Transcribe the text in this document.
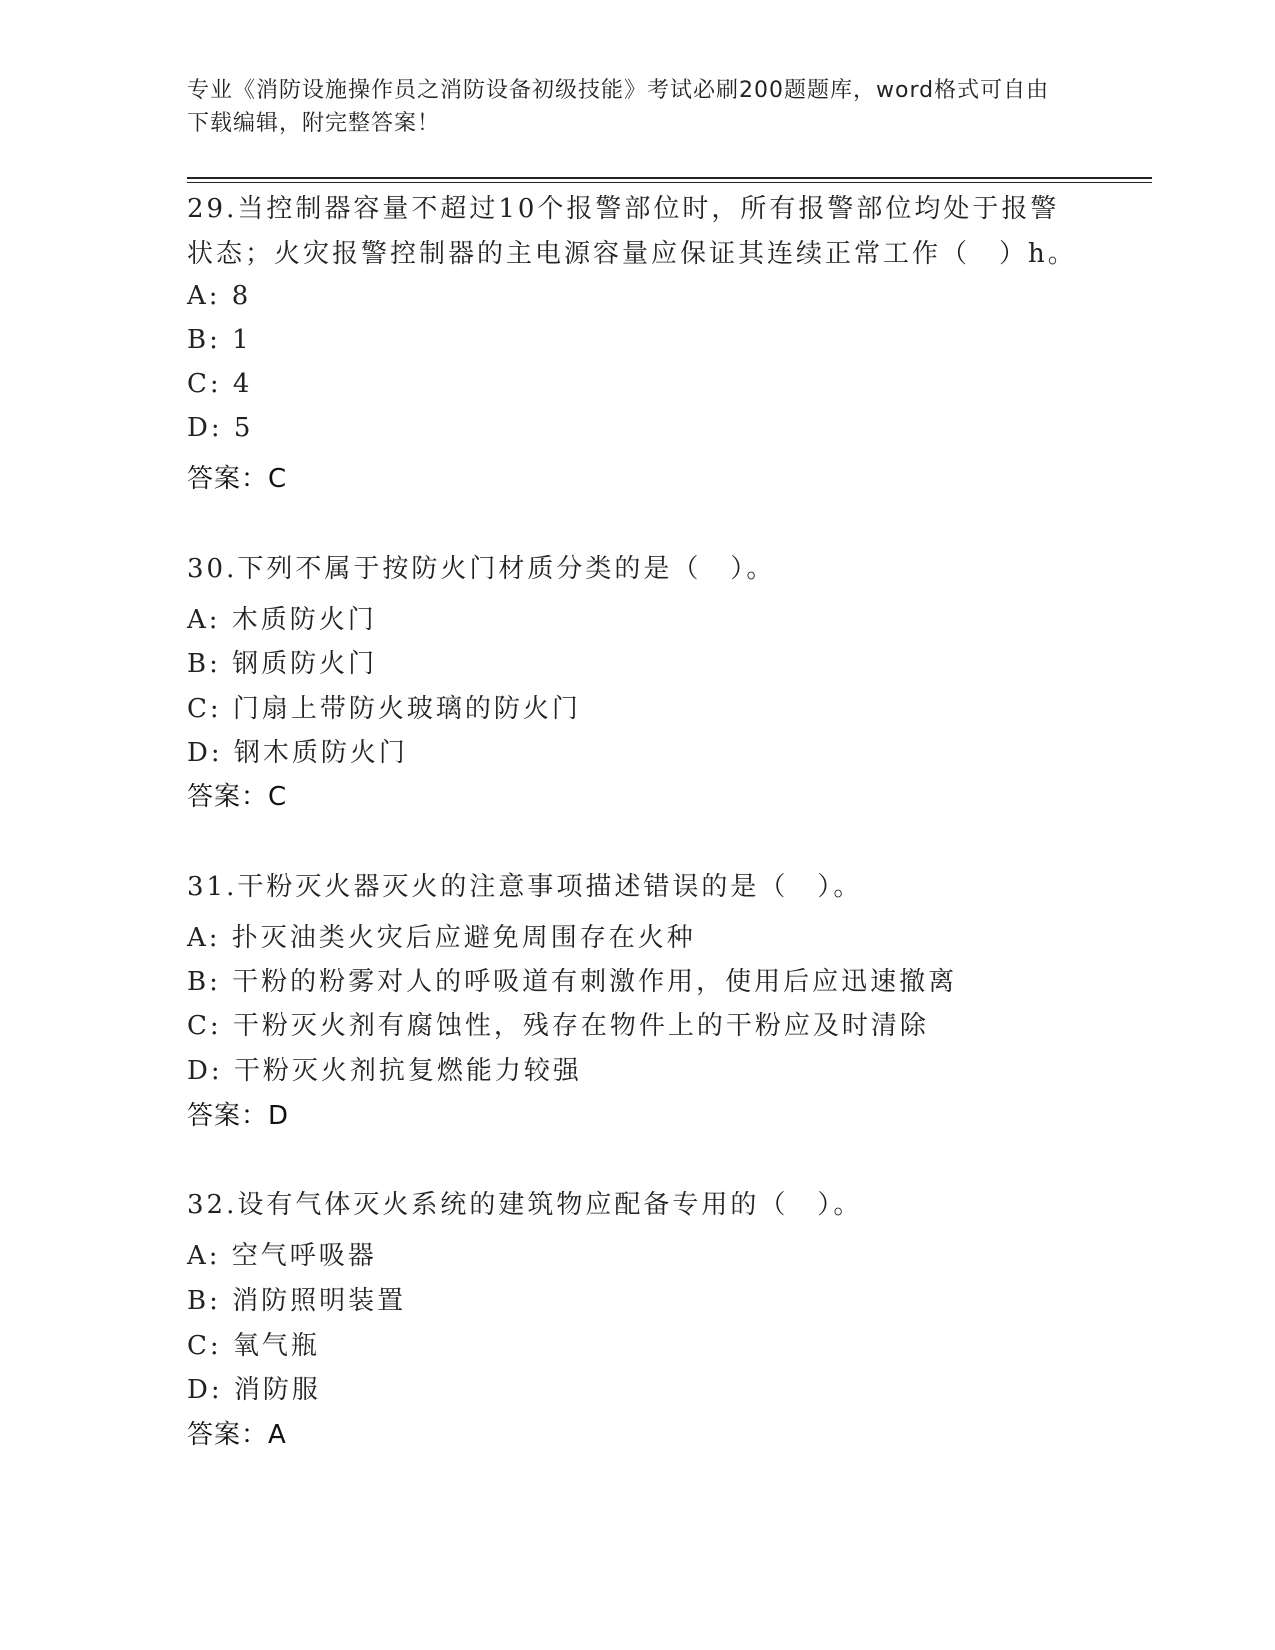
专业《消防设施操作员之消防设备初级技能》考试必刷200题题库，word格式可自由下载编辑，附完整答案！
29.当控制器容量不超过10个报警部位时，所有报警部位均处于报警
状态；火灾报警控制器的主电源容量应保证其连续正常工作（　）h。
A: 8
B: 1
C: 4
D: 5
答案：C
30.下列不属于按防火门材质分类的是（　）。
A: 木质防火门
B: 钢质防火门
C: 门扇上带防火玻璃的防火门
D: 钢木质防火门
答案：C
31.干粉灭火器灭火的注意事项描述错误的是（　）。
A: 扑灭油类火灾后应避免周围存在火种
B: 干粉的粉雾对人的呼吸道有刺激作用，使用后应迅速撤离
C: 干粉灭火剂有腐蚀性，残存在物件上的干粉应及时清除
D: 干粉灭火剂抗复燃能力较强
答案：D
32.设有气体灭火系统的建筑物应配备专用的（　）。
A: 空气呼吸器
B: 消防照明装置
C: 氧气瓶
D: 消防服
答案：A
